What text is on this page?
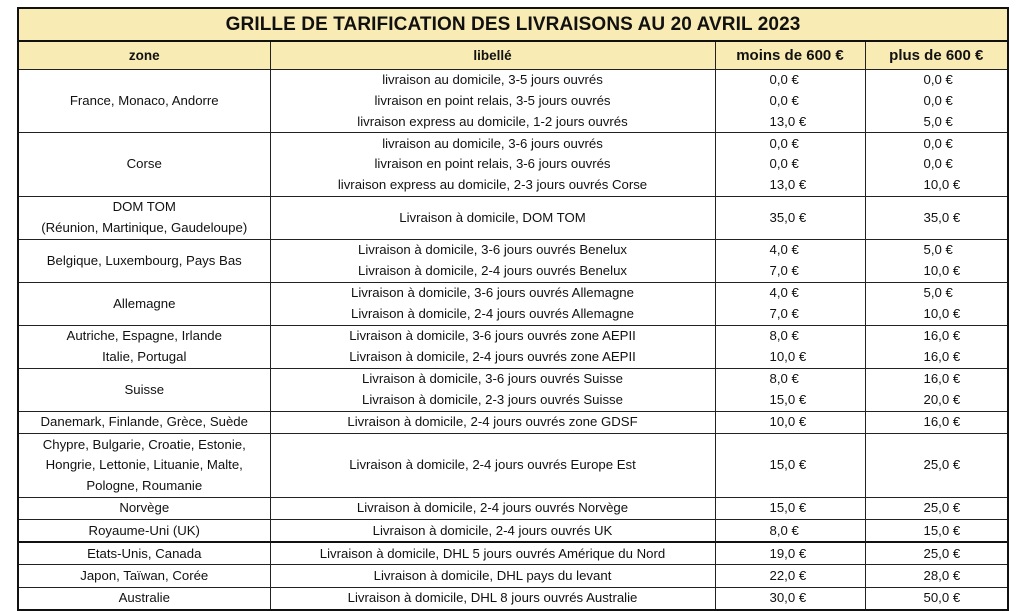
GRILLE DE TARIFICATION DES LIVRAISONS AU 20 AVRIL 2023			
zone	libellé	moins de 600 €	plus de 600 €

France, Monaco, Andorre	livraison au domicile, 3-5 jours ouvrés	0,0 €	0,0 €
	livraison en point relais, 3-5 jours ouvrés	0,0 €	0,0 €
	livraison express au domicile, 1-2 jours ouvrés	13,0 €	5,0 €

Corse	livraison au domicile, 3-6 jours ouvrés	0,0 €	0,0 €
	livraison en point relais, 3-6 jours ouvrés	0,0 €	0,0 €
	livraison express au domicile, 2-3 jours ouvrés Corse	13,0 €	10,0 €

DOM TOM
(Réunion, Martinique, Gaudeloupe)	Livraison à domicile, DOM TOM	35,0 €	35,0 €

Belgique, Luxembourg, Pays Bas	Livraison à domicile, 3-6 jours ouvrés Benelux	4,0 €	5,0 €
	Livraison à domicile, 2-4 jours ouvrés Benelux	7,0 €	10,0 €

Allemagne	Livraison à domicile, 3-6 jours ouvrés Allemagne	4,0 €	5,0 €
	Livraison à domicile, 2-4 jours ouvrés Allemagne	7,0 €	10,0 €

Autriche, Espagne, Irlande
Italie, Portugal	Livraison à domicile, 3-6 jours ouvrés zone AEPII	8,0 €	16,0 €
	Livraison à domicile, 2-4 jours ouvrés zone AEPII	10,0 €	16,0 €

Suisse	Livraison à domicile, 3-6 jours ouvrés Suisse	8,0 €	16,0 €
	Livraison à domicile, 2-3 jours ouvrés Suisse	15,0 €	20,0 €

Danemark, Finlande, Grèce, Suède	Livraison à domicile, 2-4 jours ouvrés zone GDSF	10,0 €	16,0 €

Chypre, Bulgarie, Croatie, Estonie,
Hongrie, Lettonie, Lituanie, Malte,
Pologne, Roumanie	Livraison à domicile, 2-4 jours ouvrés Europe Est	15,0 €	25,0 €

Norvège	Livraison à domicile, 2-4 jours ouvrés Norvège	15,0 €	25,0 €

Royaume-Uni (UK)	Livraison à domicile, 2-4 jours ouvrés UK	8,0 €	15,0 €

Etats-Unis, Canada	Livraison à domicile, DHL 5 jours ouvrés Amérique du Nord	19,0 €	25,0 €

Japon, Taïwan, Corée	Livraison à domicile, DHL pays du levant	22,0 €	28,0 €

Australie	Livraison à domicile, DHL 8 jours ouvrés Australie	30,0 €	50,0 €
